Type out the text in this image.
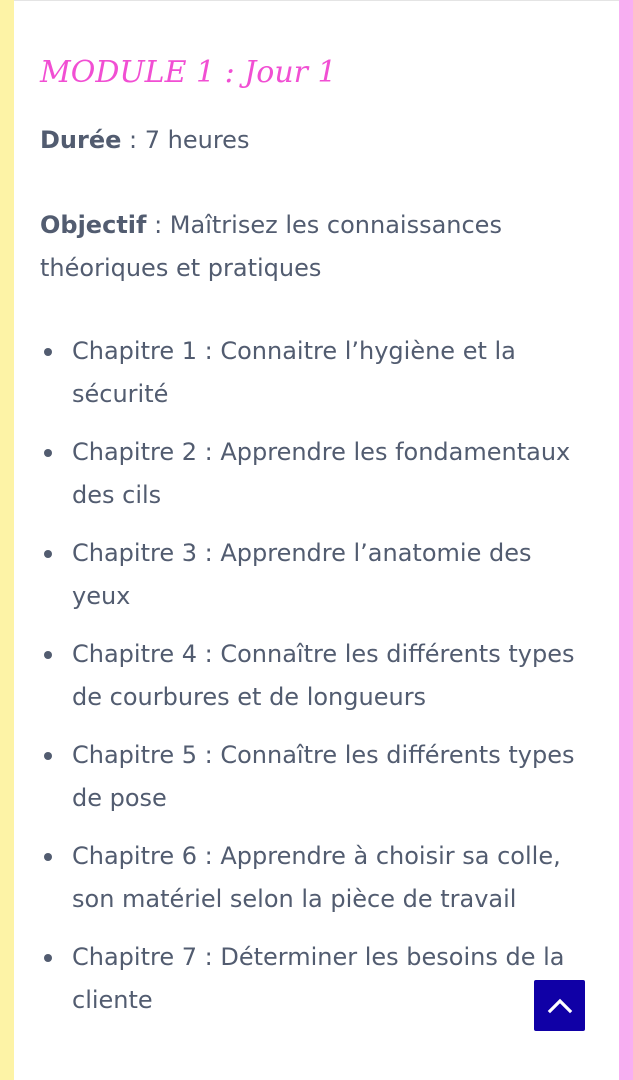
MODULE 1 : Jour 1

Durée : 7 heures

Objectif : Maîtrisez les connaissances théoriques et pratiques

Chapitre 1 : Connaitre l’hygiène et la sécurité
Chapitre 2 : Apprendre les fondamentaux des cils
Chapitre 3 : Apprendre l’anatomie des yeux
Chapitre 4 : Connaître les différents types de courbures et de longueurs
Chapitre 5 : Connaître les différents types de pose
Chapitre 6 : Apprendre à choisir sa colle, son matériel selon la pièce de travail
Chapitre 7 : Déterminer les besoins de la cliente
